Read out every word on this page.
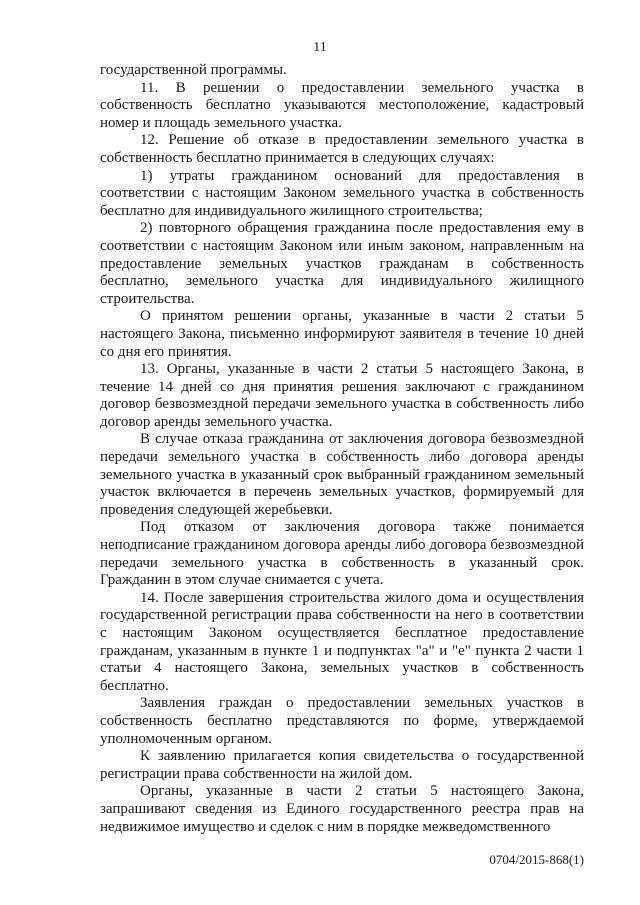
11

государственной программы.

11. В решении о предоставлении земельного участка в собственность бесплатно указываются местоположение, кадастровый номер и площадь земельного участка.

12. Решение об отказе в предоставлении земельного участка в собственность бесплатно принимается в следующих случаях:

1) утраты гражданином оснований для предоставления в соответствии с настоящим Законом земельного участка в собственность бесплатно для индивидуального жилищного строительства;

2) повторного обращения гражданина после предоставления ему в соответствии с настоящим Законом или иным законом, направленным на предоставление земельных участков гражданам в собственность бесплатно, земельного участка для индивидуального жилищного строительства.

О принятом решении органы, указанные в части 2 статьи 5 настоящего Закона, письменно информируют заявителя в течение 10 дней со дня его принятия.

13. Органы, указанные в части 2 статьи 5 настоящего Закона, в течение 14 дней со дня принятия решения заключают с гражданином договор безвозмездной передачи земельного участка в собственность либо договор аренды земельного участка.

В случае отказа гражданина от заключения договора безвозмездной передачи земельного участка в собственность либо договора аренды земельного участка в указанный срок выбранный гражданином земельный участок включается в перечень земельных участков, формируемый для проведения следующей жеребьевки.

Под отказом от заключения договора также понимается неподписание гражданином договора аренды либо договора безвозмездной передачи земельного участка в собственность в указанный срок. Гражданин в этом случае снимается с учета.

14. После завершения строительства жилого дома и осуществления государственной регистрации права собственности на него в соответствии с настоящим Законом осуществляется бесплатное предоставление гражданам, указанным в пункте 1 и подпунктах "а" и "е" пункта 2 части 1 статьи 4 настоящего Закона, земельных участков в собственность бесплатно.

Заявления граждан о предоставлении земельных участков в собственность бесплатно представляются по форме, утверждаемой уполномоченным органом.

К заявлению прилагается копия свидетельства о государственной регистрации права собственности на жилой дом.

Органы, указанные в части 2 статьи 5 настоящего Закона, запрашивают сведения из Единого государственного реестра прав на недвижимое имущество и сделок с ним в порядке межведомственного

0704/2015-868(1)
